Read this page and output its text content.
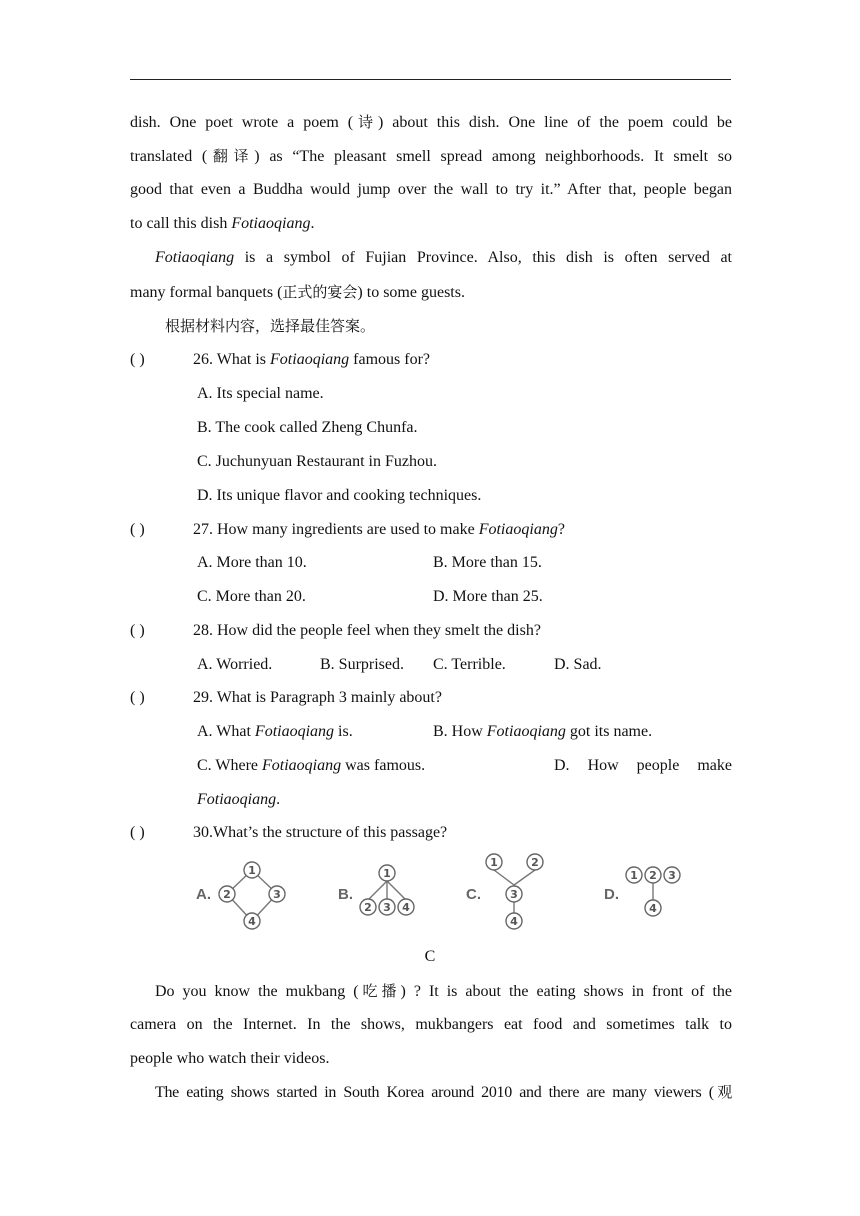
dish. One poet wrote a poem (诗) about this dish. One line of the poem could be
translated (翻译) as “The pleasant smell spread among neighborhoods. It smelt so
good that even a Buddha would jump over the wall to try it.” After that, people began
to call this dish Fotiaoqiang.
Fotiaoqiang is a symbol of Fujian Province. Also, this dish is often served at
many formal banquets (正式的宴会) to some guests.
根据材料内容，选择最佳答案。
( )	26. What is Fotiaoqiang famous for?
A. Its special name.
B. The cook called Zheng Chunfa.
C. Juchunyuan Restaurant in Fuzhou.
D. Its unique flavor and cooking techniques.
( )	27. How many ingredients are used to make Fotiaoqiang?
A. More than 10.	B. More than 15.
C. More than 20.	D. More than 25.
( )	28. How did the people feel when they smelt the dish?
A. Worried.	B. Surprised. C. Terrible.	D. Sad.
( )	29. What is Paragraph 3 mainly about?
A. What Fotiaoqiang is.	B. How Fotiaoqiang got its name.
C. Where Fotiaoqiang was famous.	D. How people make
Fotiaoqiang.
( )	30.What’s the structure of this passage?
1
2	3
4
1
2 3 4
1	2
3
4
1 2 3
4
A.	B.	C.	D.
C
Do you know the mukbang (吃播) ? It is about the eating shows in front of the
camera on the Internet. In the shows, mukbangers eat food and sometimes talk to
people who watch their videos.
The eating shows started in South Korea around 2010 and there are many viewers (观
